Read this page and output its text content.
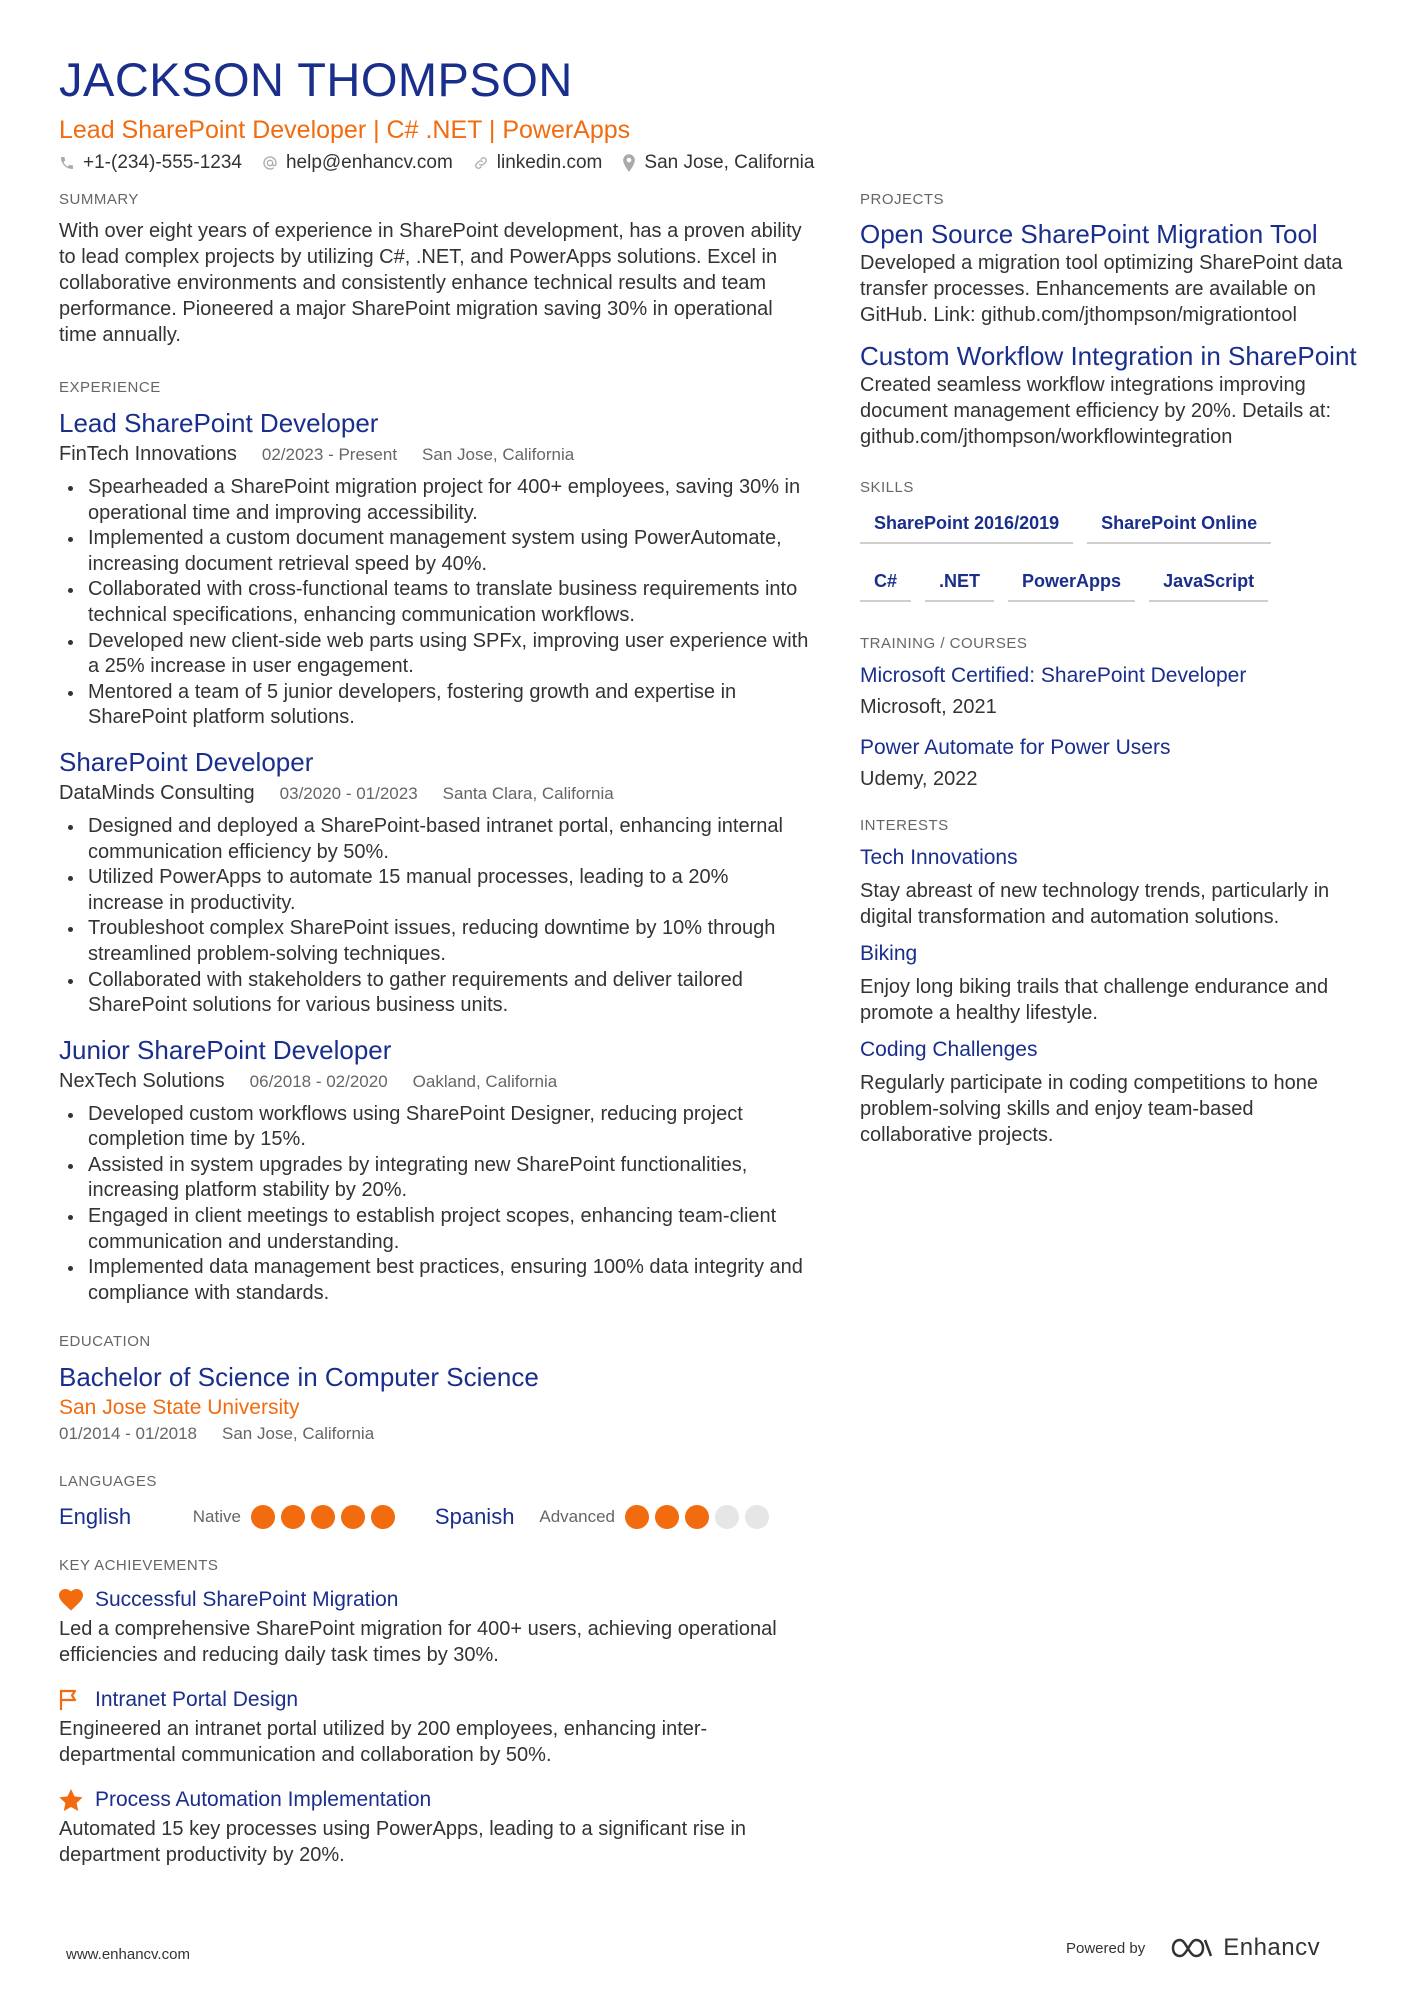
JACKSON THOMPSON
Lead SharePoint Developer | C# .NET | PowerApps
+1-(234)-555-1234 help@enhancv.com linkedin.com San Jose, California
SUMMARY
With over eight years of experience in SharePoint development, has a proven ability to lead complex projects by utilizing C#, .NET, and PowerApps solutions. Excel in collaborative environments and consistently enhance technical results and team performance. Pioneered a major SharePoint migration saving 30% in operational time annually.
EXPERIENCE
Lead SharePoint Developer
FinTech Innovations 02/2023 - Present San Jose, California
Spearheaded a SharePoint migration project for 400+ employees, saving 30% in operational time and improving accessibility.
Implemented a custom document management system using PowerAutomate, increasing document retrieval speed by 40%.
Collaborated with cross-functional teams to translate business requirements into technical specifications, enhancing communication workflows.
Developed new client-side web parts using SPFx, improving user experience with a 25% increase in user engagement.
Mentored a team of 5 junior developers, fostering growth and expertise in SharePoint platform solutions.
SharePoint Developer
DataMinds Consulting 03/2020 - 01/2023 Santa Clara, California
Designed and deployed a SharePoint-based intranet portal, enhancing internal communication efficiency by 50%.
Utilized PowerApps to automate 15 manual processes, leading to a 20% increase in productivity.
Troubleshoot complex SharePoint issues, reducing downtime by 10% through streamlined problem-solving techniques.
Collaborated with stakeholders to gather requirements and deliver tailored SharePoint solutions for various business units.
Junior SharePoint Developer
NexTech Solutions 06/2018 - 02/2020 Oakland, California
Developed custom workflows using SharePoint Designer, reducing project completion time by 15%.
Assisted in system upgrades by integrating new SharePoint functionalities, increasing platform stability by 20%.
Engaged in client meetings to establish project scopes, enhancing team-client communication and understanding.
Implemented data management best practices, ensuring 100% data integrity and compliance with standards.
EDUCATION
Bachelor of Science in Computer Science
San Jose State University
01/2014 - 01/2018 San Jose, California
LANGUAGES
English	Native	Spanish	Advanced
KEY ACHIEVEMENTS
Successful SharePoint Migration
Led a comprehensive SharePoint migration for 400+ users, achieving operational efficiencies and reducing daily task times by 30%.
Intranet Portal Design
Engineered an intranet portal utilized by 200 employees, enhancing inter-departmental communication and collaboration by 50%.
Process Automation Implementation
Automated 15 key processes using PowerApps, leading to a significant rise in department productivity by 20%.
PROJECTS
Open Source SharePoint Migration Tool
Developed a migration tool optimizing SharePoint data transfer processes. Enhancements are available on GitHub. Link: github.com/jthompson/migrationtool
Custom Workflow Integration in SharePoint
Created seamless workflow integrations improving document management efficiency by 20%. Details at: github.com/jthompson/workflowintegration
SKILLS
SharePoint 2016/2019	SharePoint Online
C#	.NET	PowerApps	JavaScript
TRAINING / COURSES
Microsoft Certified: SharePoint Developer
Microsoft, 2021
Power Automate for Power Users
Udemy, 2022
INTERESTS
Tech Innovations
Stay abreast of new technology trends, particularly in digital transformation and automation solutions.
Biking
Enjoy long biking trails that challenge endurance and promote a healthy lifestyle.
Coding Challenges
Regularly participate in coding competitions to hone problem-solving skills and enjoy team-based collaborative projects.
www.enhancv.com	Powered by	Enhancv
